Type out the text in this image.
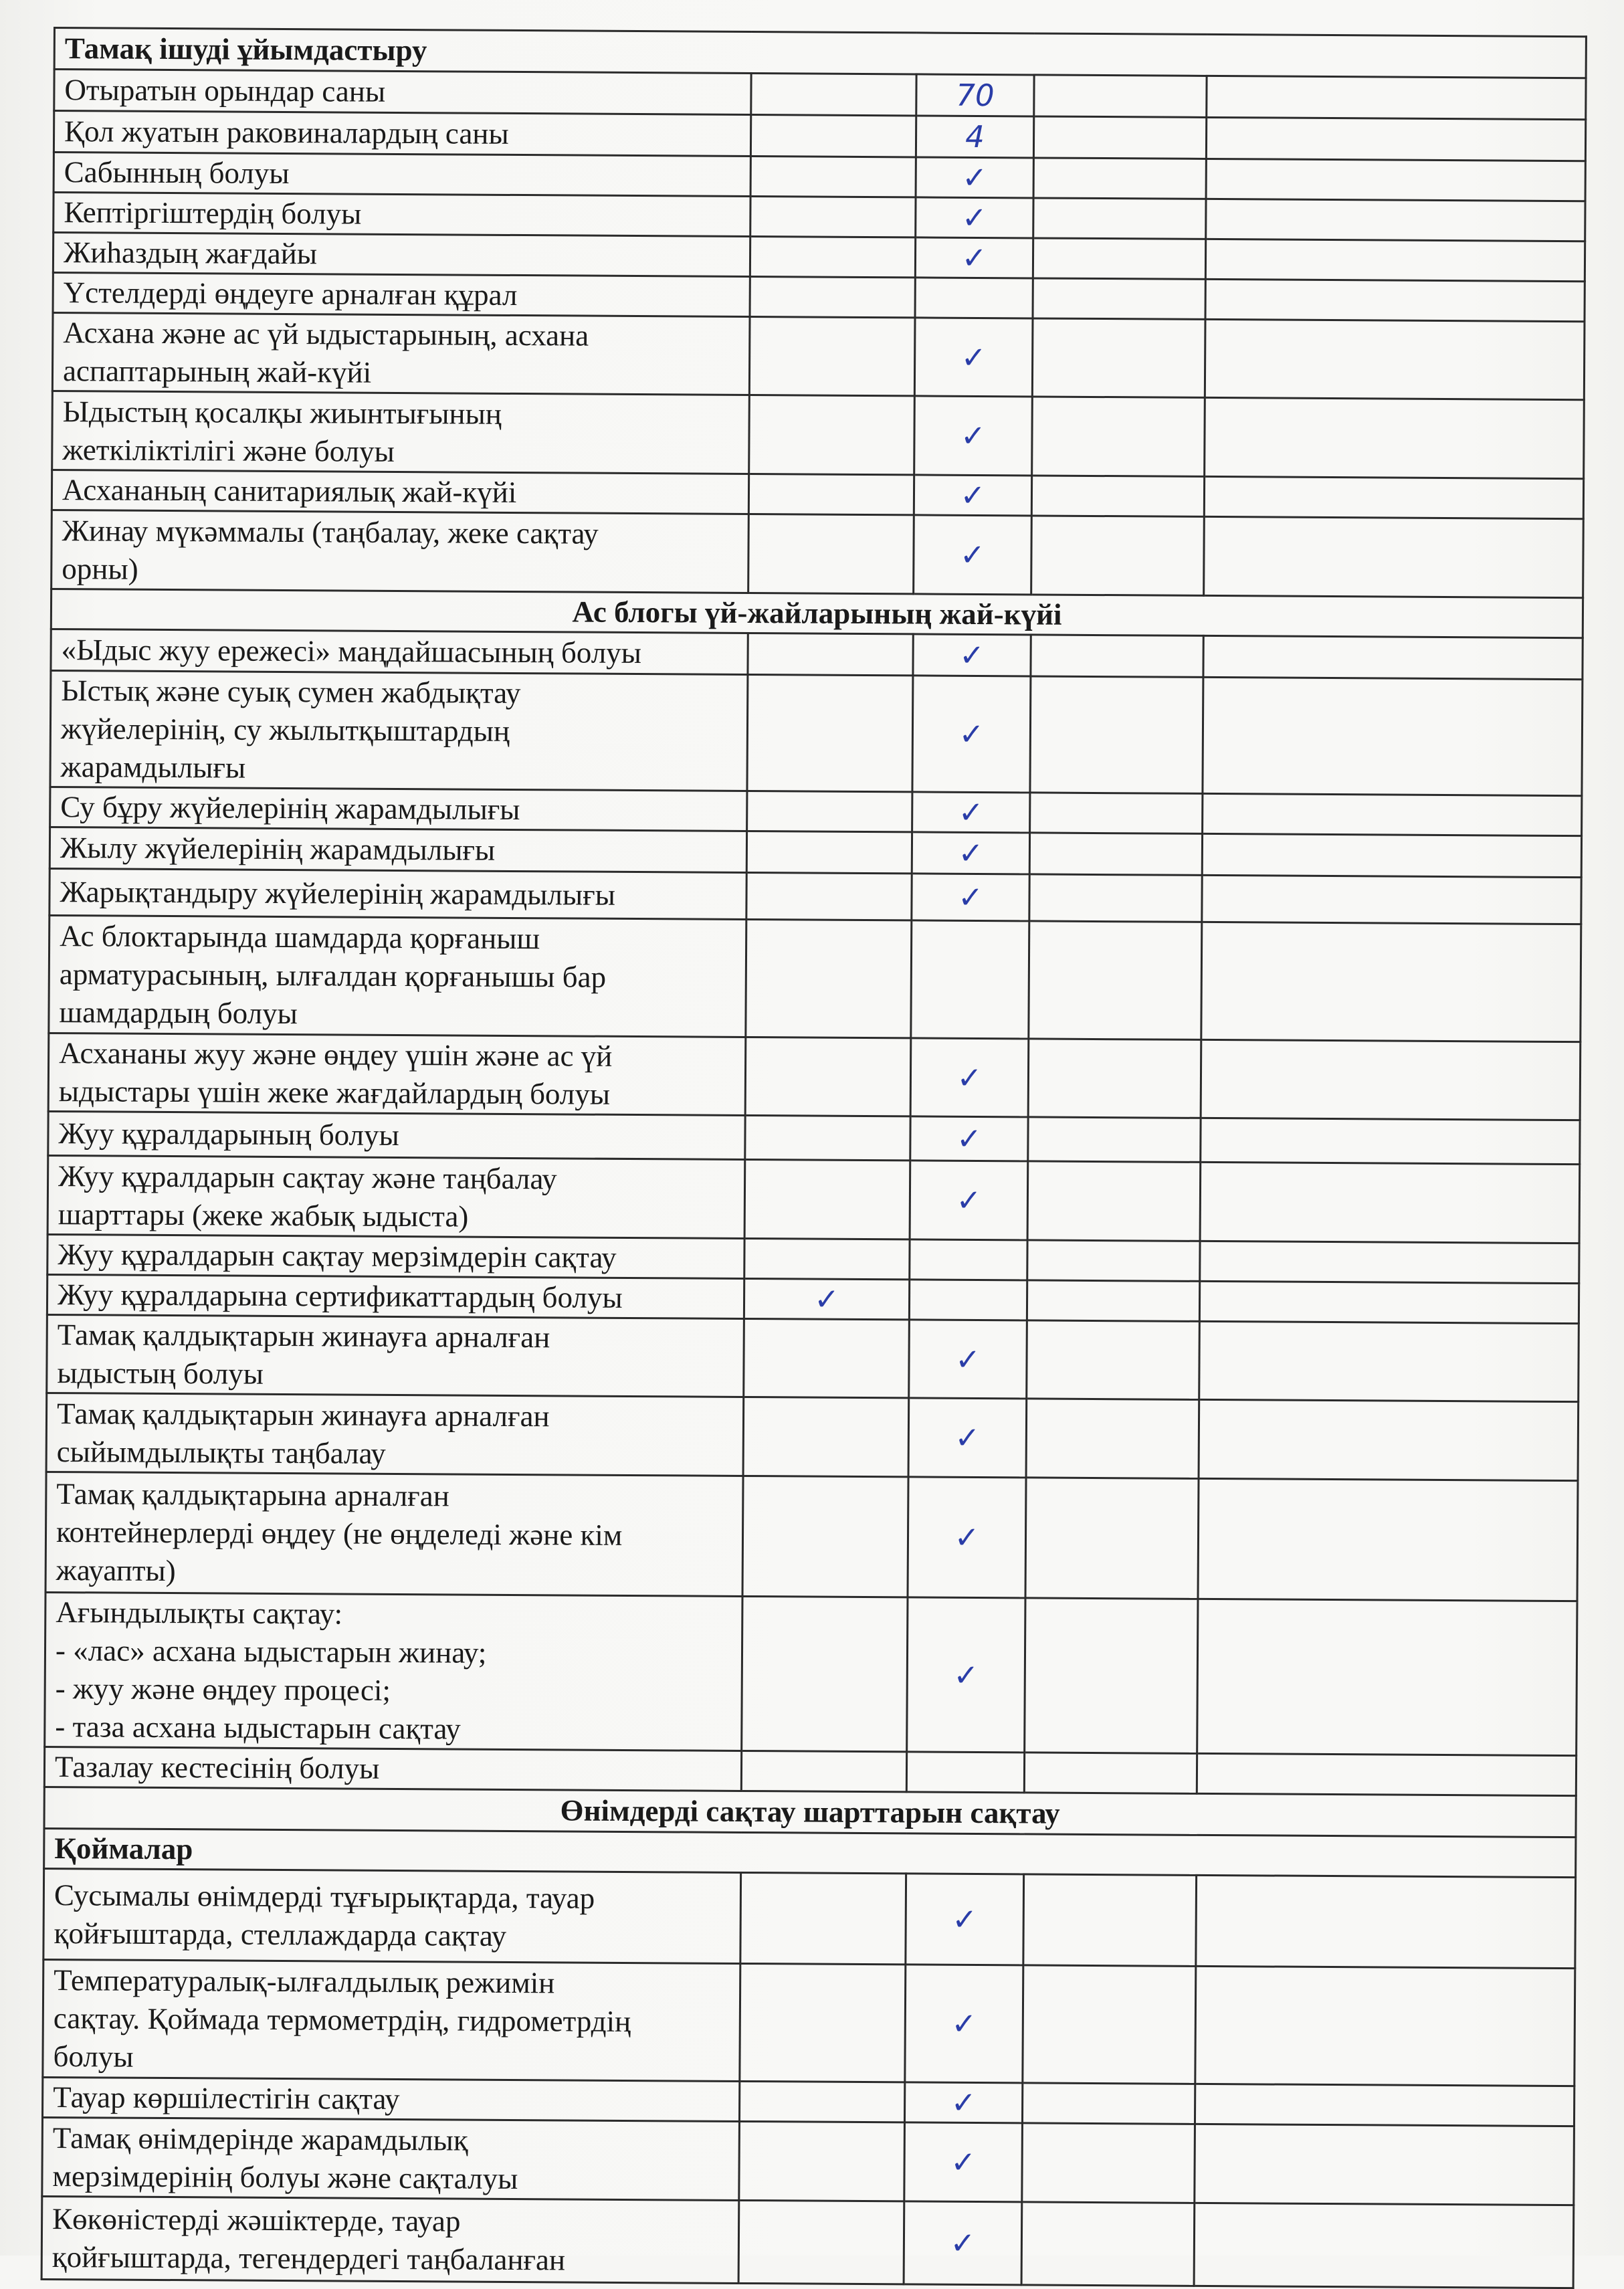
Тамақ ішуді ұйымдастыру				
Отыратын орындар саны		70		
Қол жуатын раковиналардың саны		4		
Сабынның болуы		✓		
Кептіргіштердің болуы		✓		
Жиһаздың жағдайы		✓		
Үстелдерді өңдеуге арналған құрал				
Асхана және ас үй ыдыстарының, асхана
аспаптарының жай-күйі		✓		
Ыдыстың қосалқы жиынтығының
жеткіліктілігі және болуы		✓		
Асхананың санитариялық жай-күйі		✓		
Жинау мүкәммалы (таңбалау, жеке сақтау
орны)		✓		
Ас блогы үй-жайларының жай-күйі				
«Ыдыс жуу ережесі» маңдайшасының болуы		✓		
Ыстық және суық сумен жабдықтау
жүйелерінің, су жылытқыштардың
жарамдылығы		✓		
Су бұру жүйелерінің жарамдылығы		✓		
Жылу жүйелерінің жарамдылығы		✓		
Жарықтандыру жүйелерінің жарамдылығы		✓		
Ас блоктарында шамдарда қорғаныш
арматурасының, ылғалдан қорғанышы бар
шамдардың болуы				
Асхананы жуу және өңдеу үшін және ас үй
ыдыстары үшін жеке жағдайлардың болуы		✓		
Жуу құралдарының болуы		✓		
Жуу құралдарын сақтау және таңбалау
шарттары (жеке жабық ыдыста)		✓		
Жуу құралдарын сақтау мерзімдерін сақтау				
Жуу құралдарына сертификаттардың болуы	✓			
Тамақ қалдықтарын жинауға арналған
ыдыстың болуы		✓		
Тамақ қалдықтарын жинауға арналған
сыйымдылықты таңбалау		✓		
Тамақ қалдықтарына арналған
контейнерлерді өңдеу (не өңделеді және кім
жауапты)		✓		
Ағындылықты сақтау:
- «лас» асхана ыдыстарын жинау;
- жуу және өңдеу процесі;
- таза асхана ыдыстарын сақтау		✓		
Тазалау кестесінің болуы				
Өнімдерді сақтау шарттарын сақтау				
Қоймалар				
Сусымалы өнімдерді тұғырықтарда, тауар
қойғыштарда, стеллаждарда сақтау		✓		
Температуралық-ылғалдылық режимін
сақтау. Қоймада термометрдің, гидрометрдің
болуы		✓		
Тауар көршілестігін сақтау		✓		
Тамақ өнімдерінде жарамдылық
мерзімдерінің болуы және сақталуы		✓		
Көкөністерді жәшіктерде, тауар
қойғыштарда, тегендердегі таңбаланған		✓		
